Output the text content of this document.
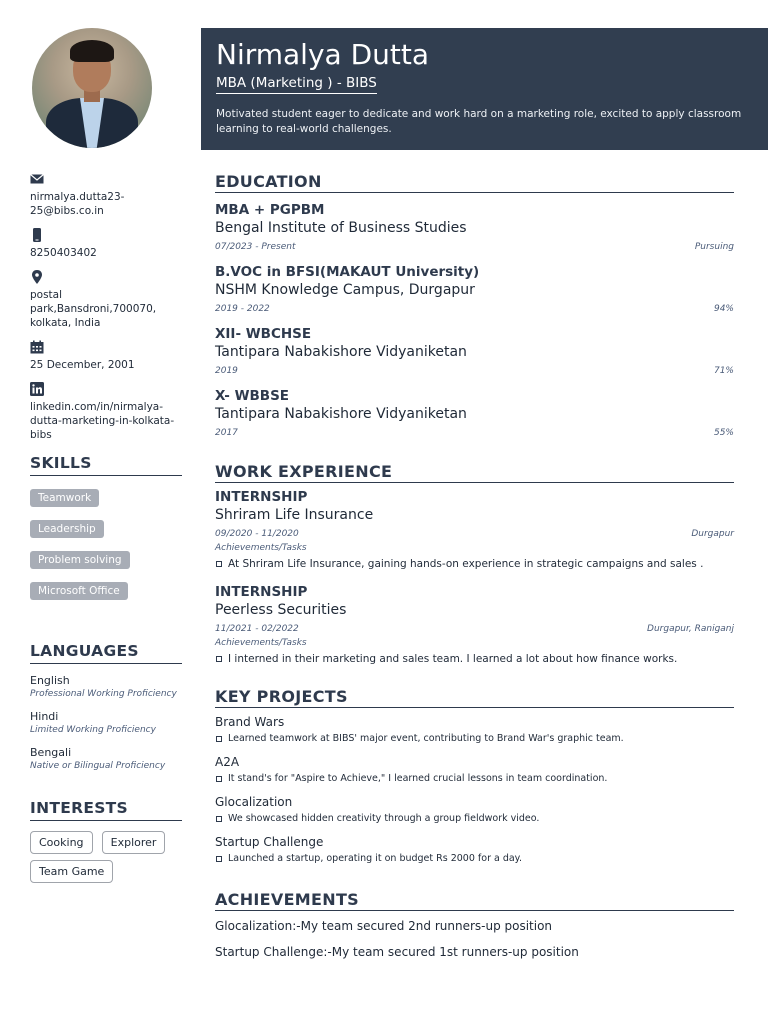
nirmalya.dutta23-25@bibs.co.in
8250403402
postal park,Bansdroni,700070, kolkata, India
25 December, 2001
linkedin.com/in/nirmalya-dutta-marketing-in-kolkata-bibs
SKILLS
Teamwork
Leadership
Problem solving
Microsoft Office
LANGUAGES
English
Professional Working Proficiency
Hindi
Limited Working Proficiency
Bengali
Native or Bilingual Proficiency
INTERESTS
Cooking Explorer Team Game
Nirmalya Dutta
MBA (Marketing ) - BIBS
Motivated student eager to dedicate and work hard on a marketing role, excited to apply classroom learning to real-world challenges.
EDUCATION
MBA + PGPBM
Bengal Institute of Business Studies
07/2023 - Present	Pursuing
B.VOC in BFSI(MAKAUT University)
NSHM Knowledge Campus, Durgapur
2019 - 2022	94%
XII- WBCHSE
Tantipara Nabakishore Vidyaniketan
2019	71%
X- WBBSE
Tantipara Nabakishore Vidyaniketan
2017	55%
WORK EXPERIENCE
INTERNSHIP
Shriram Life Insurance
09/2020 - 11/2020	Durgapur
Achievements/Tasks
At Shriram Life Insurance, gaining hands-on experience in strategic campaigns and sales .
INTERNSHIP
Peerless Securities
11/2021 - 02/2022	Durgapur, Raniganj
Achievements/Tasks
I interned in their marketing and sales team. I learned a lot about how finance works.
KEY PROJECTS
Brand Wars
Learned teamwork at BIBS' major event, contributing to Brand War's graphic team.
A2A
It stand's for "Aspire to Achieve," I learned crucial lessons in team coordination.
Glocalization
We showcased hidden creativity through a group fieldwork video.
Startup Challenge
Launched a startup, operating it on budget Rs 2000 for a day.
ACHIEVEMENTS
Glocalization:-My team secured 2nd runners-up position
Startup Challenge:-My team secured 1st runners-up position
